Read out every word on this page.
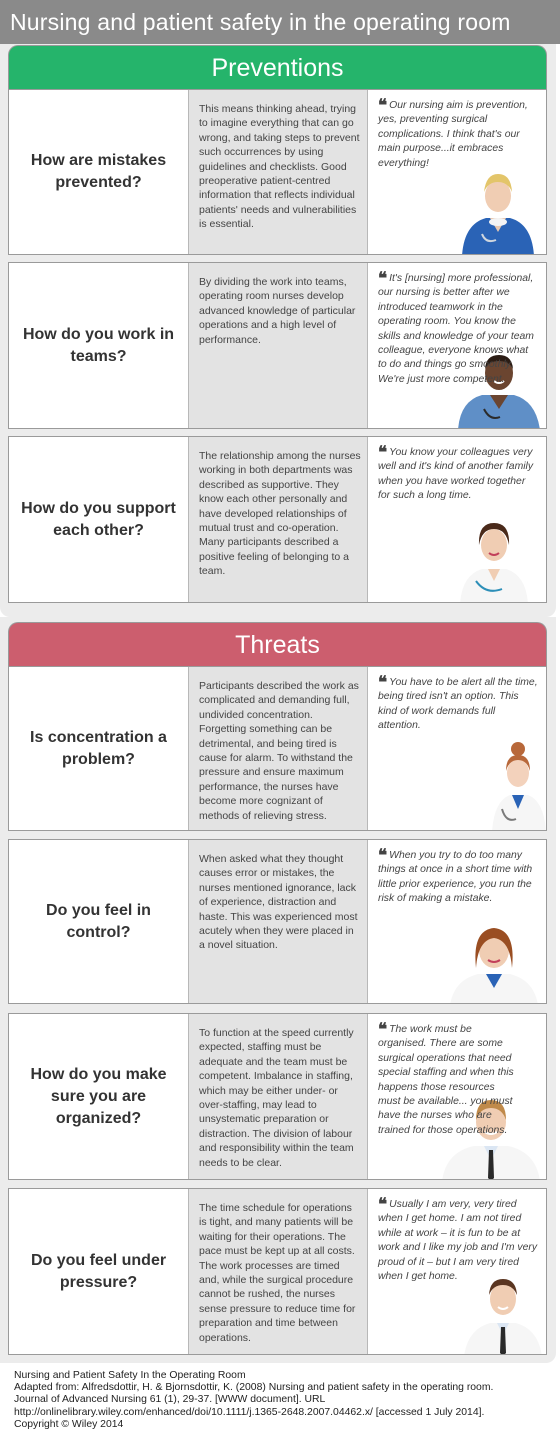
Nursing and patient safety in the operating room
Preventions
How are mistakes prevented?
This means thinking ahead, trying to imagine everything that can go wrong, and taking steps to prevent such occurrences by using guidelines and checklists. Good preoperative patient-centred information that reflects individual patients' needs and vulnerabilities is essential.

❝ Our nursing aim is prevention, yes, preventing surgical complications. I think that's our main purpose...it embraces everything!

How do you work in teams?
By dividing the work into teams, operating room nurses develop advanced knowledge of particular operations and a high level of performance.

❝ It's [nursing] more professional, our nursing is better after we introduced teamwork in the operating room. You know the skills and knowledge of your team colleague, everyone knows what to do and things go smoothly. We're just more competent.

How do you support each other?
The relationship among the nurses working in both departments was described as supportive. They know each other personally and have developed relationships of mutual trust and co-operation. Many participants described a positive feeling of belonging to a team.

❝ You know your colleagues very well and it's kind of another family when you have worked together for such a long time.

Threats
Is concentration a problem?
Participants described the work as complicated and demanding full, undivided concentration. Forgetting something can be detrimental, and being tired is cause for alarm. To withstand the pressure and ensure maximum performance, the nurses have become more cognizant of methods of relieving stress.

❝ You have to be alert all the time, being tired isn't an option. This kind of work demands full attention.

Do you feel in control?
When asked what they thought causes error or mistakes, the nurses mentioned ignorance, lack of experience, distraction and haste. This was experienced most acutely when they were placed in a novel situation.

❝ When you try to do too many things at once in a short time with little prior experience, you run the risk of making a mistake.

How do you make sure you are organized?
To function at the speed currently expected, staffing must be adequate and the team must be competent. Imbalance in staffing, which may be either under- or over-staffing, may lead to unsystematic preparation or distraction. The division of labour and responsibility within the team needs to be clear.

❝ The work must be organised. There are some surgical operations that need special staffing and when this happens those resources must be available... you must have the nurses who are trained for those operations.

Do you feel under pressure?
The time schedule for operations is tight, and many patients will be waiting for their operations. The pace must be kept up at all costs. The work processes are timed and, while the surgical procedure cannot be rushed, the nurses sense pressure to reduce time for preparation and time between operations.

❝ Usually I am very, very tired when I get home. I am not tired while at work – it is fun to be at work and I like my job and I'm very proud of it – but I am very tired when I get home.

Nursing and Patient Safety In the Operating Room
Adapted from: Alfredsdottir, H. & Bjornsdottir, K. (2008) Nursing and patient safety in the operating room.
Journal of Advanced Nursing 61 (1), 29-37. [WWW document]. URL
http://onlinelibrary.wiley.com/enhanced/doi/10.1111/j.1365-2648.2007.04462.x/ [accessed 1 July 2014].
Copyright © Wiley 2014
